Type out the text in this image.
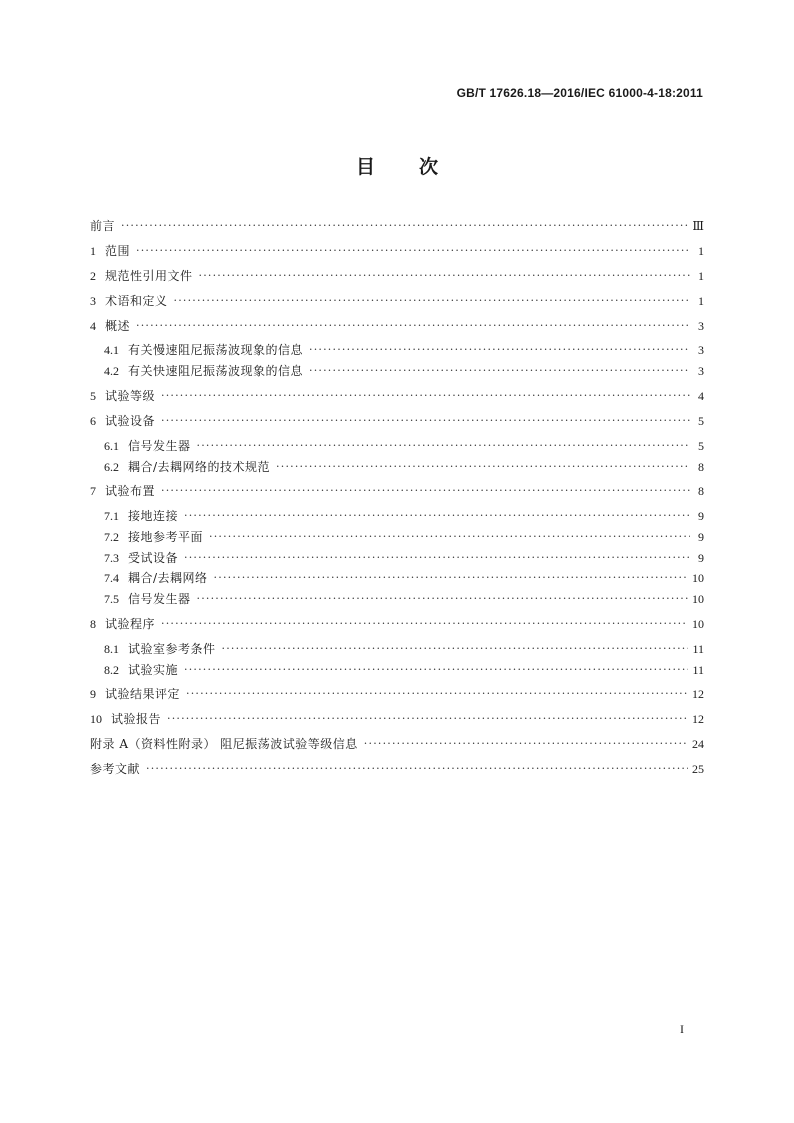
GB/T 17626.18—2016/IEC 61000-4-18:2011
目次
前言 ·····	Ⅲ
1 范围 ·····	1
2 规范性引用文件 ·····	1
3 术语和定义 ·····	1
4 概述 ·····	3
4.1 有关慢速阻尼振荡波现象的信息 ·····	3
4.2 有关快速阻尼振荡波现象的信息 ·····	3
5 试验等级 ·····	4
6 试验设备 ·····	5
6.1 信号发生器 ·····	5
6.2 耦合/去耦网络的技术规范 ·····	8
7 试验布置 ·····	8
7.1 接地连接 ·····	9
7.2 接地参考平面 ·····	9
7.3 受试设备 ·····	9
7.4 耦合/去耦网络 ·····	10
7.5 信号发生器 ·····	10
8 试验程序 ·····	10
8.1 试验室参考条件 ·····	11
8.2 试验实施 ·····	11
9 试验结果评定 ·····	12
10 试验报告 ·····	12
附录 A（资料性附录） 阻尼振荡波试验等级信息 ·····	24
参考文献 ·····	25
I
